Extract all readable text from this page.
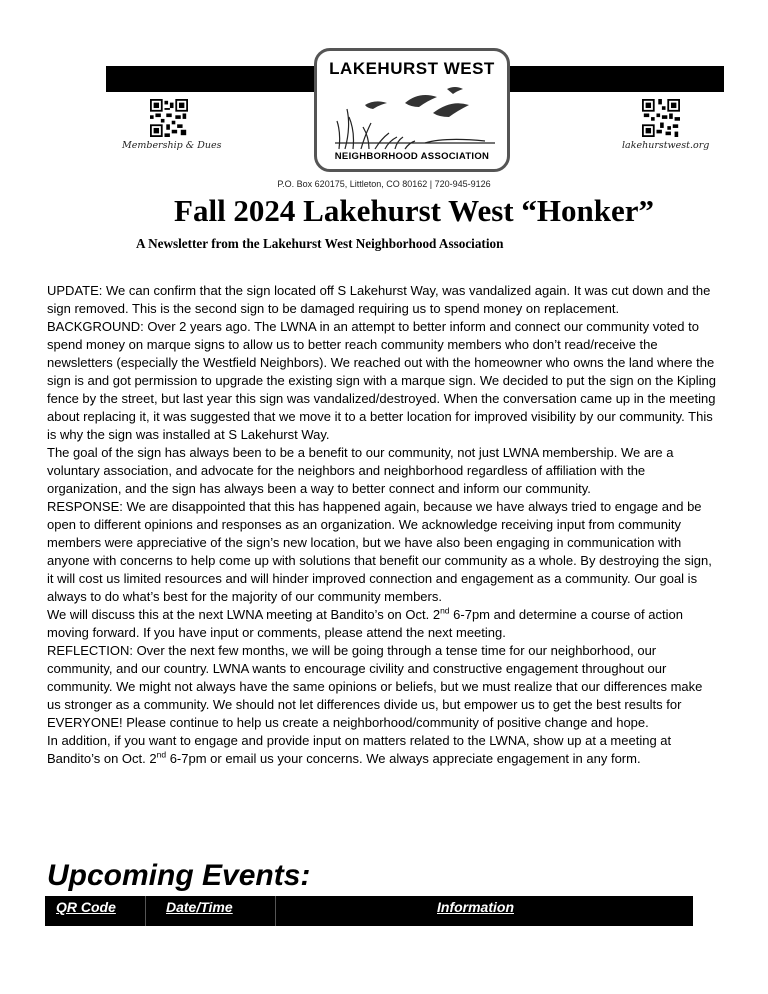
LAKEHURST WEST
NEIGHBORHOOD ASSOCIATION
Membership & Dues	lakehurstwest.org
P.O. Box 620175, Littleton, CO 80162 | 720-945-9126
Fall 2024 Lakehurst West “Honker”
A Newsletter from the Lakehurst West Neighborhood Association

UPDATE: We can confirm that the sign located off S Lakehurst Way, was vandalized again. It was cut down and the sign removed. This is the second sign to be damaged requiring us to spend money on replacement.

BACKGROUND: Over 2 years ago. The LWNA in an attempt to better inform and connect our community voted to spend money on marque signs to allow us to better reach community members who don’t read/receive the newsletters (especially the Westfield Neighbors). We reached out with the homeowner who owns the land where the sign is and got permission to upgrade the existing sign with a marque sign. We decided to put the sign on the Kipling fence by the street, but last year this sign was vandalized/destroyed. When the conversation came up in the meeting about replacing it, it was suggested that we move it to a better location for improved visibility by our community. This is why the sign was installed at S Lakehurst Way.

The goal of the sign has always been to be a benefit to our community, not just LWNA membership. We are a voluntary association, and advocate for the neighbors and neighborhood regardless of affiliation with the organization, and the sign has always been a way to better connect and inform our community.

RESPONSE: We are disappointed that this has happened again, because we have always tried to engage and be open to different opinions and responses as an organization. We acknowledge receiving input from community members were appreciative of the sign’s new location, but we have also been engaging in communication with anyone with concerns to help come up with solutions that benefit our community as a whole. By destroying the sign, it will cost us limited resources and will hinder improved connection and engagement as a community. Our goal is always to do what’s best for the majority of our community members.

We will discuss this at the next LWNA meeting at Bandito’s on Oct. 2nd 6-7pm and determine a course of action moving forward. If you have input or comments, please attend the next meeting.

REFLECTION: Over the next few months, we will be going through a tense time for our neighborhood, our community, and our country. LWNA wants to encourage civility and constructive engagement throughout our community. We might not always have the same opinions or beliefs, but we must realize that our differences make us stronger as a community. We should not let differences divide us, but empower us to get the best results for EVERYONE! Please continue to help us create a neighborhood/community of positive change and hope.

In addition, if you want to engage and provide input on matters related to the LWNA, show up at a meeting at Bandito’s on Oct. 2nd 6-7pm or email us your concerns. We always appreciate engagement in any form.

Upcoming Events:
QR Code	Date/Time	Information
